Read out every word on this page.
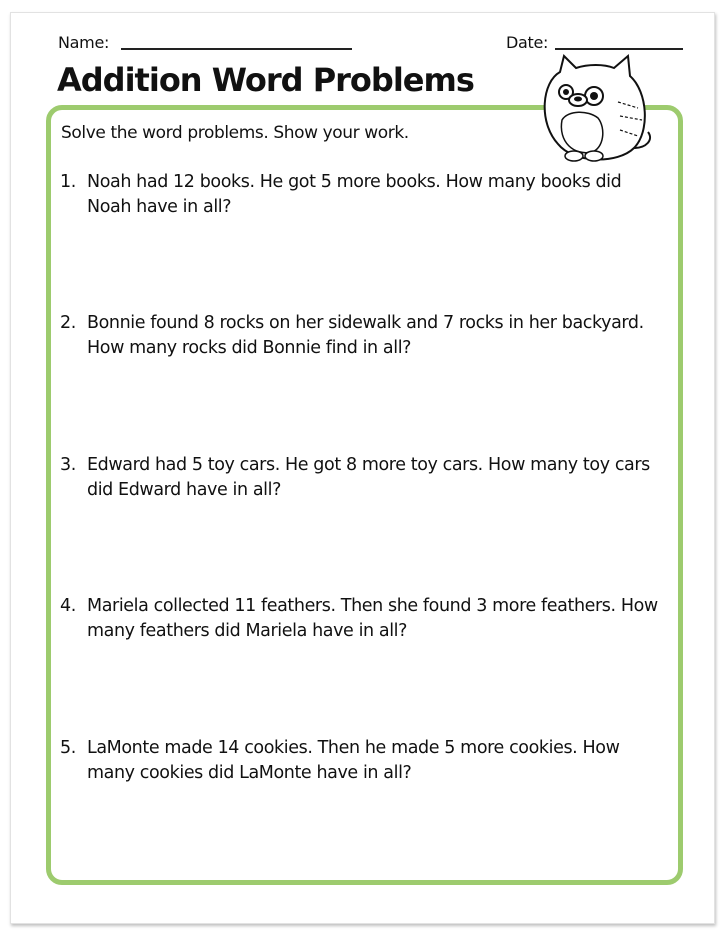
Name:	Date:
Addition Word Problems
Solve the word problems. Show your work.
1. Noah had 12 books. He got 5 more books. How many books did Noah have in all?
2. Bonnie found 8 rocks on her sidewalk and 7 rocks in her backyard. How many rocks did Bonnie find in all?
3. Edward had 5 toy cars. He got 8 more toy cars. How many toy cars did Edward have in all?
4. Mariela collected 11 feathers. Then she found 3 more feathers. How many feathers did Mariela have in all?
5. LaMonte made 14 cookies. Then he made 5 more cookies. How many cookies did LaMonte have in all?
